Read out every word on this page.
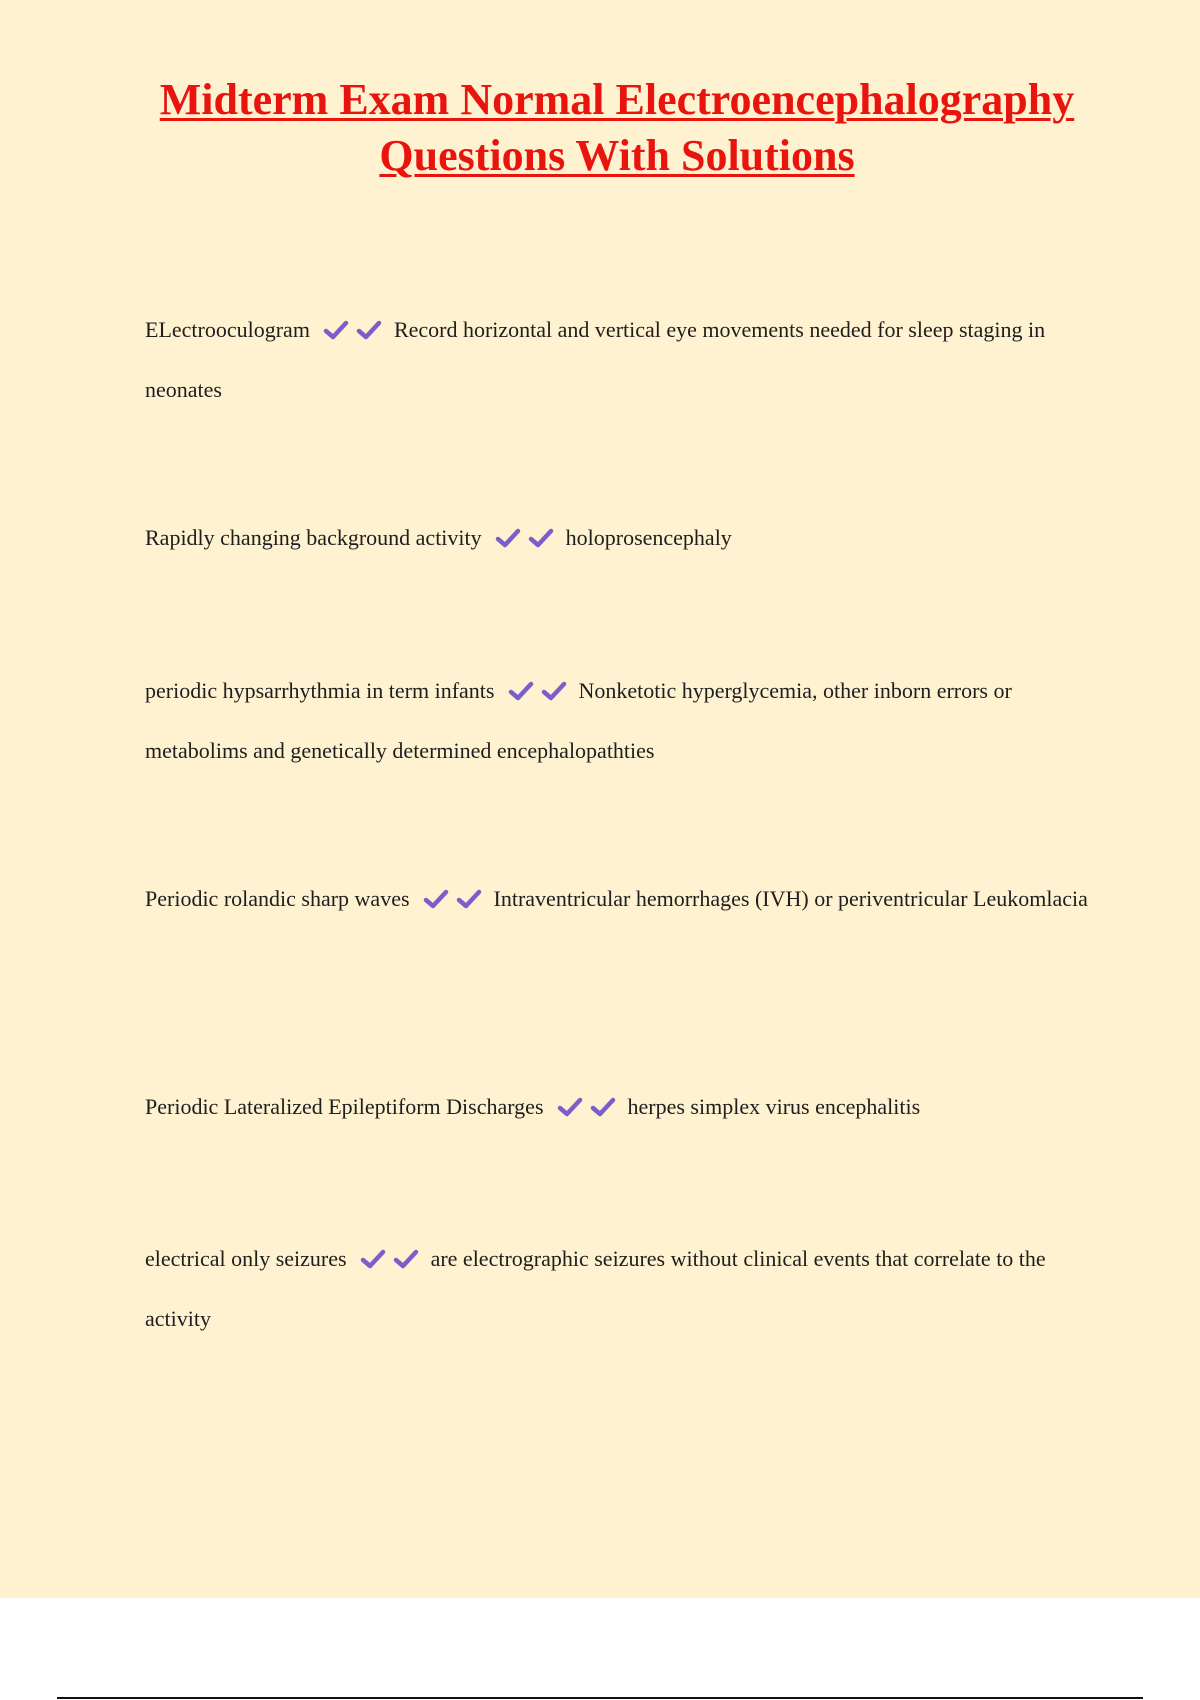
Midterm Exam Normal Electroencephalography Questions With Solutions

ELectrooculogram	Record horizontal and vertical eye movements needed for sleep staging in neonates

Rapidly changing background activity	holoprosencephaly

periodic hypsarrhythmia in term infants	Nonketotic hyperglycemia, other inborn errors or metabolims and genetically determined encephalopathties

Periodic rolandic sharp waves	Intraventricular hemorrhages (IVH) or periventricular Leukomlacia

Periodic Lateralized Epileptiform Discharges	herpes simplex virus encephalitis

electrical only seizures	are electrographic seizures without clinical events that correlate to the activity
